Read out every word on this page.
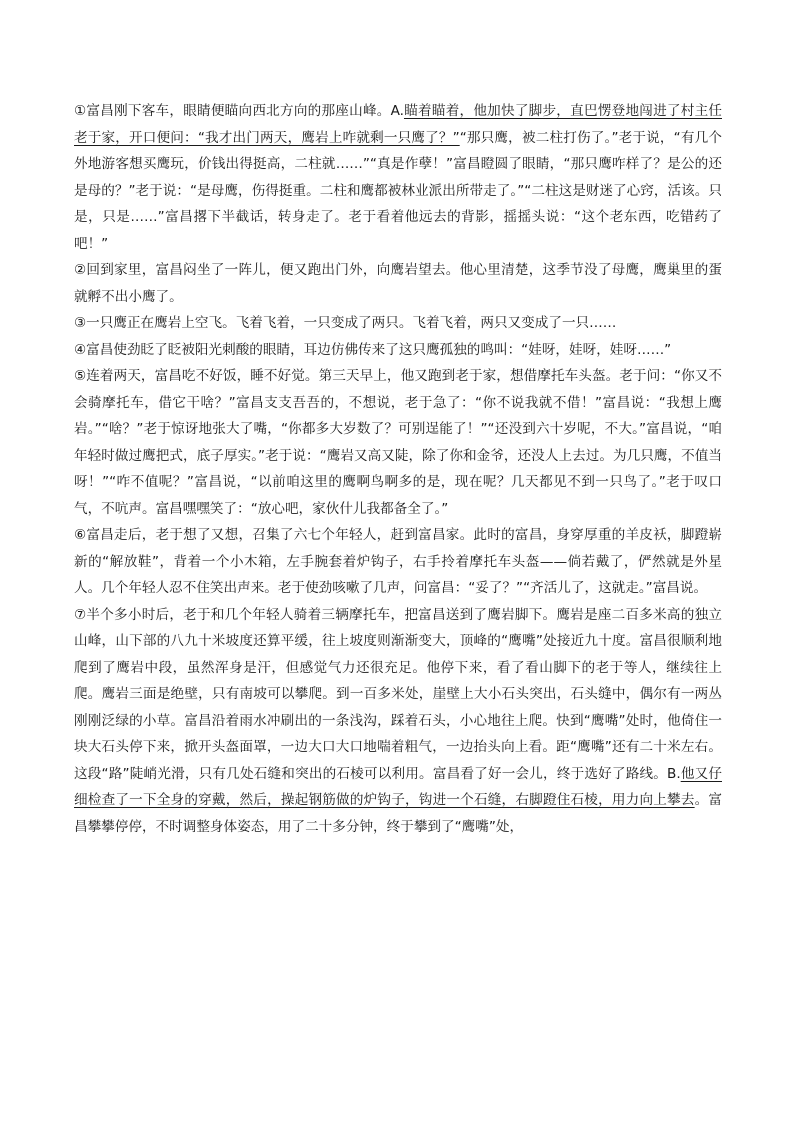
①富昌刚下客车，眼睛便瞄向西北方向的那座山峰。A.瞄着瞄着，他加快了脚步，直巴愣登地闯进了村主任老于家，开口便问：“我才出门两天，鹰岩上咋就剩一只鹰了？”“那只鹰，被二柱打伤了。”老于说，“有几个外地游客想买鹰玩，价钱出得挺高，二柱就……”“真是作孽！”富昌瞪圆了眼睛，“那只鹰咋样了？是公的还是母的？”老于说：“是母鹰，伤得挺重。二柱和鹰都被林业派出所带走了。”“二柱这是财迷了心窍，活该。只是，只是……”富昌撂下半截话，转身走了。老于看着他远去的背影，摇摇头说：“这个老东西，吃错药了吧！”

②回到家里，富昌闷坐了一阵儿，便又跑出门外，向鹰岩望去。他心里清楚，这季节没了母鹰，鹰巢里的蛋就孵不出小鹰了。

③一只鹰正在鹰岩上空飞。飞着飞着，一只变成了两只。飞着飞着，两只又变成了一只……

④富昌使劲眨了眨被阳光刺酸的眼睛，耳边仿佛传来了这只鹰孤独的鸣叫：“娃呀，娃呀，娃呀……”

⑤连着两天，富昌吃不好饭，睡不好觉。第三天早上，他又跑到老于家，想借摩托车头盔。老于问：“你又不会骑摩托车，借它干啥？”富昌支支吾吾的，不想说，老于急了：“你不说我就不借！”富昌说：“我想上鹰岩。”“啥？”老于惊讶地张大了嘴，“你都多大岁数了？可别逞能了！”“还没到六十岁呢，不大。”富昌说，“咱年轻时做过鹰把式，底子厚实。”老于说：“鹰岩又高又陡，除了你和金爷，还没人上去过。为几只鹰，不值当呀！”“咋不值呢？”富昌说，“以前咱这里的鹰啊鸟啊多的是，现在呢？几天都见不到一只鸟了。”老于叹口气，不吭声。富昌嘿嘿笑了：“放心吧，家伙什儿我都备全了。”

⑥富昌走后，老于想了又想，召集了六七个年轻人，赶到富昌家。此时的富昌，身穿厚重的羊皮袄，脚蹬崭新的“解放鞋”，背着一个小木箱，左手腕套着炉钩子，右手拎着摩托车头盔——倘若戴了，俨然就是外星人。几个年轻人忍不住笑出声来。老于使劲咳嗽了几声，问富昌：“妥了？”“齐活儿了，这就走。”富昌说。

⑦半个多小时后，老于和几个年轻人骑着三辆摩托车，把富昌送到了鹰岩脚下。鹰岩是座二百多米高的独立山峰，山下部的八九十米坡度还算平缓，往上坡度则渐渐变大，顶峰的“鹰嘴”处接近九十度。富昌很顺利地爬到了鹰岩中段，虽然浑身是汗，但感觉气力还很充足。他停下来，看了看山脚下的老于等人，继续往上爬。鹰岩三面是绝壁，只有南坡可以攀爬。到一百多米处，崖壁上大小石头突出，石头缝中，偶尔有一两丛刚刚泛绿的小草。富昌沿着雨水冲刷出的一条浅沟，踩着石头，小心地往上爬。快到“鹰嘴”处时，他倚住一块大石头停下来，掀开头盔面罩，一边大口大口地喘着粗气，一边抬头向上看。距“鹰嘴”还有二十米左右。这段“路”陡峭光滑，只有几处石缝和突出的石棱可以利用。富昌看了好一会儿，终于选好了路线。B.他又仔细检查了一下全身的穿戴，然后，操起钢筋做的炉钩子，钩进一个石缝，右脚蹬住石棱，用力向上攀去。富昌攀攀停停，不时调整身体姿态，用了二十多分钟，终于攀到了“鹰嘴”处，
